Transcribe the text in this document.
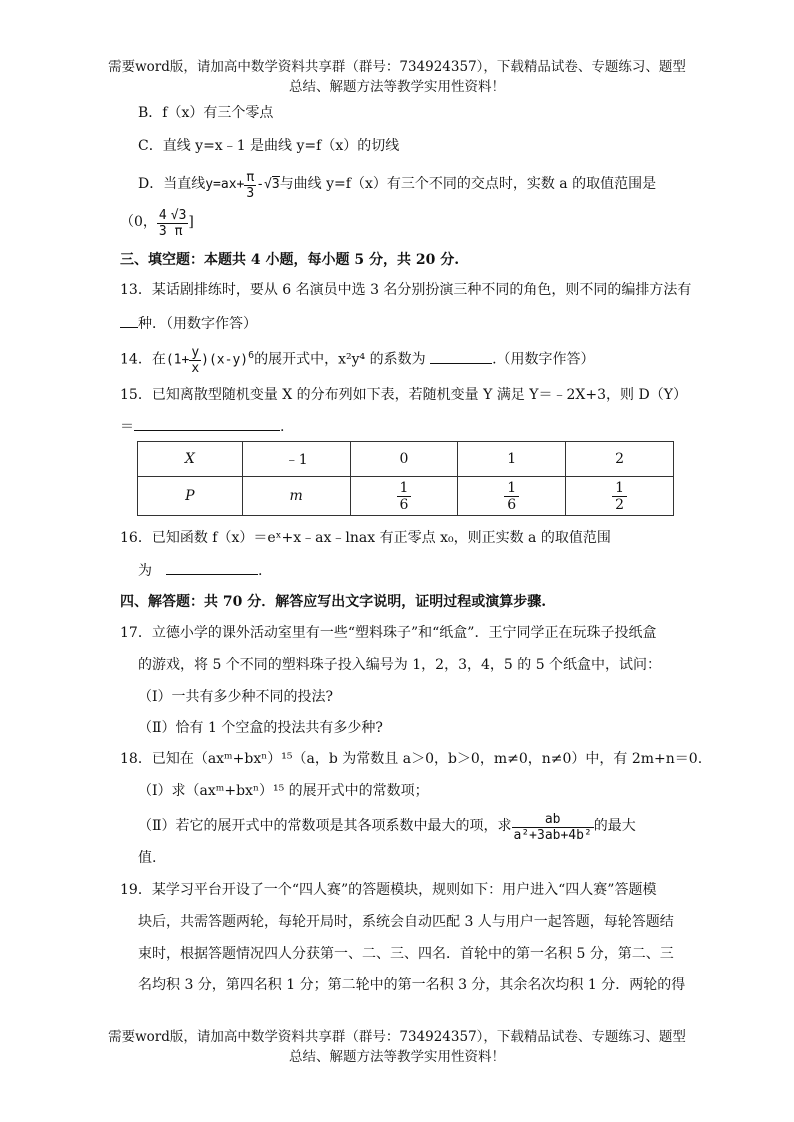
需要word版，请加高中数学资料共享群（群号：734924357），下载精品试卷、专题练习、题型
总结、解题方法等教学实用性资料！
B．f（x）有三个零点
C．直线 y=x﹣1 是曲线 y=f（x）的切线
D．当直线$y=ax+ \frac{\pi}{3} -√3$与曲线 y=f（x）有三个不同的交点时，实数 a 的取值范围是
（0， $\frac{4}{3} \frac{√3}{\pi}$ ]
三、填空题：本题共 4 小题，每小题 5 分，共 20 分.
13．某话剧排练时，要从 6 名演员中选 3 名分别扮演三种不同的角色，则不同的编排方法有
种．（用数字作答）
14．在$(1+ \frac{y}{x} )(x-y)^6$的展开式中，x²y⁴ 的系数为	.（用数字作答）
15．已知离散型随机变量 X 的分布列如下表，若随机变量 Y 满足 Y＝﹣2X+3，则 D（Y）
＝	.
X	﹣1	0	1	2
P	m	$\frac{1}{6}$	$\frac{1}{6}$	$\frac{1}{2}$
16．已知函数 f（x）＝eˣ+x﹣ax﹣lnax 有正零点 x₀，则正实数 a 的取值范围
为	.
四、解答题：共 70 分．解答应写出文字说明，证明过程或演算步骤.
17．立德小学的课外活动室里有一些“塑料珠子”和“纸盒”．王宁同学正在玩珠子投纸盒
的游戏，将 5 个不同的塑料珠子投入编号为 1，2，3，4，5 的 5 个纸盒中，试问：
（Ⅰ）一共有多少种不同的投法?
（Ⅱ）恰有 1 个空盒的投法共有多少种?
18．已知在（axᵐ+bxⁿ）¹⁵（a，b 为常数且 a＞0，b＞0，m≠0，n≠0）中，有 2m+n＝0.
（Ⅰ）求（axᵐ+bxⁿ）¹⁵ 的展开式中的常数项；
（Ⅱ）若它的展开式中的常数项是其各项系数中最大的项，求 $\frac{ab}{\text{a²+3ab+4b²}}$ 的最大
值.
19．某学习平台开设了一个“四人赛”的答题模块，规则如下：用户进入“四人赛”答题模
块后，共需答题两轮，每轮开局时，系统会自动匹配 3 人与用户一起答题，每轮答题结
束时，根据答题情况四人分获第一、二、三、四名．首轮中的第一名积 5 分，第二、三
名均积 3 分，第四名积 1 分；第二轮中的第一名积 3 分，其余名次均积 1 分．两轮的得
需要word版，请加高中数学资料共享群（群号：734924357），下载精品试卷、专题练习、题型
总结、解题方法等教学实用性资料！
